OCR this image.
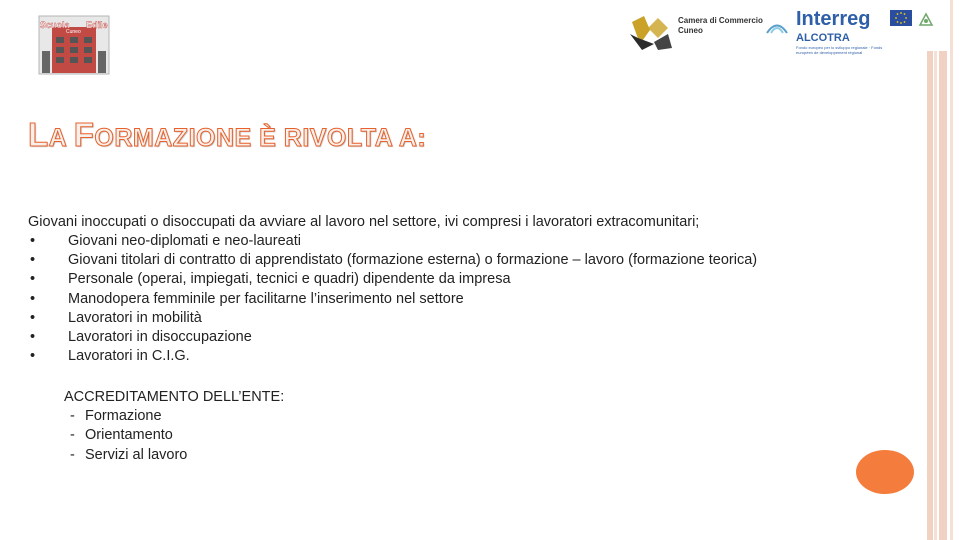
Scuola Edile
Cuneo
Camera di Commercio
Cuneo
Interreg
ALCOTRA
Fondo europeo per lo sviluppo regionale · Fonds européen de développement régional
LA FORMAZIONE È RIVOLTA A:

Giovani inoccupati o disoccupati da avviare al lavoro nel settore, ivi compresi i lavoratori extracomunitari;

• Giovani neo-diplomati e neo-laureati
• Giovani titolari di contratto di apprendistato (formazione esterna) o formazione – lavoro (formazione teorica)
• Personale (operai, impiegati, tecnici e quadri) dipendente da impresa
• Manodopera femminile per facilitarne l’inserimento nel settore
• Lavoratori in mobilità
• Lavoratori in disoccupazione
• Lavoratori in C.I.G.

ACCREDITAMENTO DELL’ENTE:

- Formazione
- Orientamento
- Servizi al lavoro
